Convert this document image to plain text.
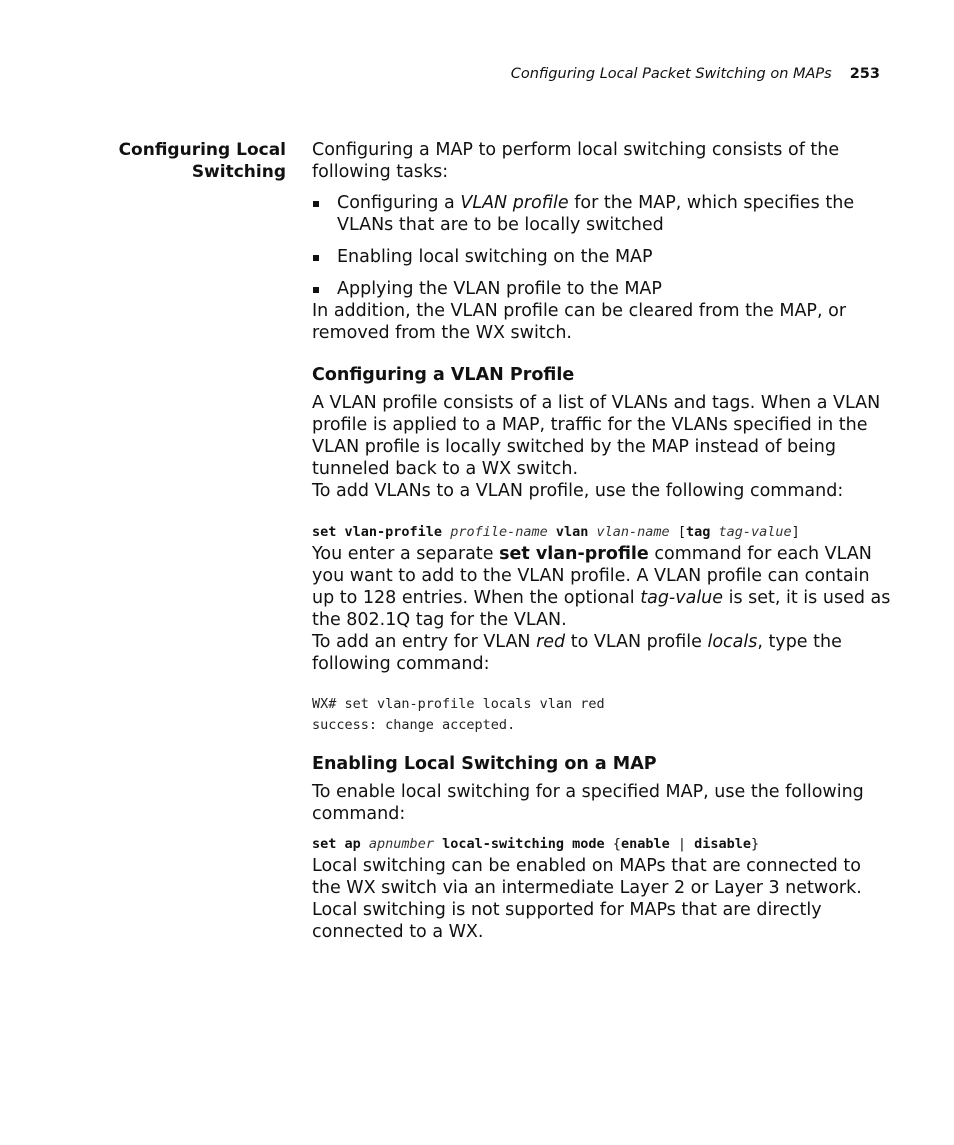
Configuring Local Packet Switching on MAPs 253
Configuring Local
Switching

Configuring a MAP to perform local switching consists of the following tasks:

Configuring a VLAN profile for the MAP, which specifies the VLANs that are to be locally switched
Enabling local switching on the MAP
Applying the VLAN profile to the MAP

In addition, the VLAN profile can be cleared from the MAP, or removed from the WX switch.

Configuring a VLAN Profile

A VLAN profile consists of a list of VLANs and tags. When a VLAN profile is applied to a MAP, traffic for the VLANs specified in the VLAN profile is locally switched by the MAP instead of being tunneled back to a WX switch.

To add VLANs to a VLAN profile, use the following command:

set vlan-profile profile-name vlan vlan-name [tag tag-value]

You enter a separate set vlan-profile command for each VLAN you want to add to the VLAN profile. A VLAN profile can contain up to 128 entries. When the optional tag-value is set, it is used as the 802.1Q tag for the VLAN.

To add an entry for VLAN red to VLAN profile locals, type the following command:

WX# set vlan-profile locals vlan red
success: change accepted.
Enabling Local Switching on a MAP

To enable local switching for a specified MAP, use the following command:

set ap apnumber local-switching mode {enable | disable}

Local switching can be enabled on MAPs that are connected to the WX switch via an intermediate Layer 2 or Layer 3 network. Local switching is not supported for MAPs that are directly connected to a WX.
